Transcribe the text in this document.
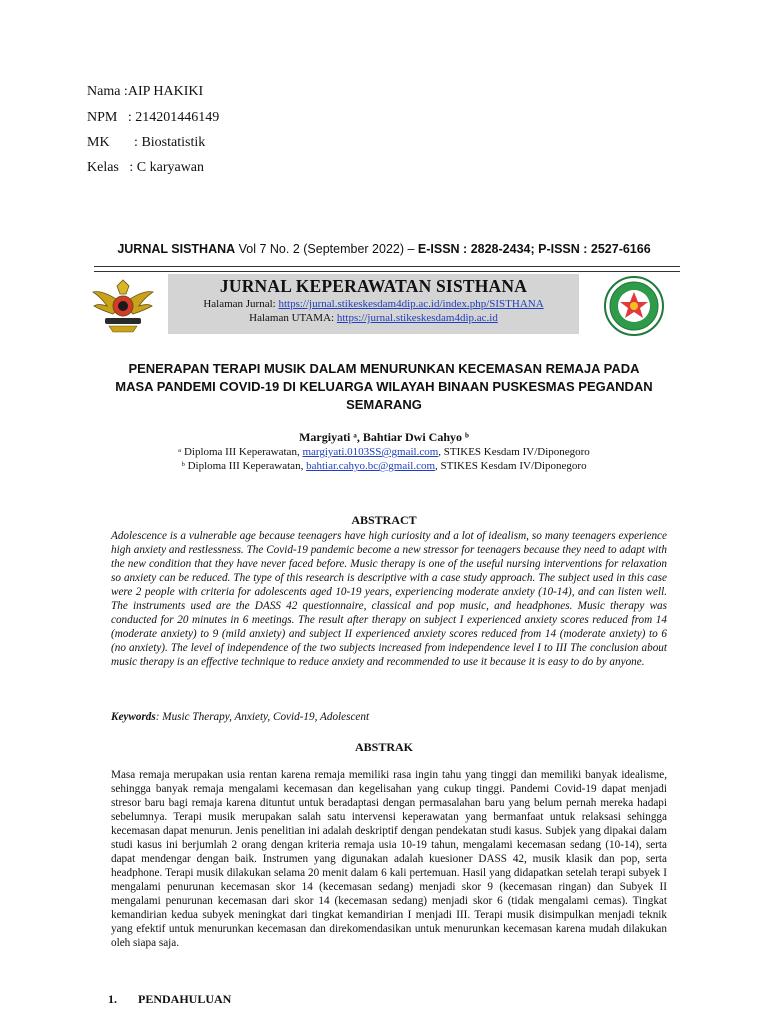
Nama :AIP HAKIKI
NPM   : 214201446149
MK       : Biostatistik
Kelas   : C karyawan
JURNAL SISTHANA Vol 7 No. 2 (September 2022) – E-ISSN : 2828-2434; P-ISSN : 2527-6166
JURNAL KEPERAWATAN SISTHANA
Halaman Jurnal: https://jurnal.stikeskesdam4dip.ac.id/index.php/SISTHANA
Halaman UTAMA: https://jurnal.stikeskesdam4dip.ac.id
PENERAPAN TERAPI MUSIK DALAM MENURUNKAN KECEMASAN REMAJA PADA
MASA PANDEMI COVID-19 DI KELUARGA WILAYAH BINAAN PUSKESMAS PEGANDAN
SEMARANG
Margiyati ᵃ, Bahtiar Dwi Cahyo ᵇ
ᵃ Diploma III Keperawatan, margiyati.0103SS@gmail.com, STIKES Kesdam IV/Diponegoro
ᵇ Diploma III Keperawatan, bahtiar.cahyo.bc@gmail.com, STIKES Kesdam IV/Diponegoro
ABSTRACT
Adolescence is a vulnerable age because teenagers have high curiosity and a lot of idealism, so many teenagers experience high anxiety and restlessness. The Covid-19 pandemic become a new stressor for teenagers because they need to adapt with the new condition that they have never faced before. Music therapy is one of the useful nursing interventions for relaxation so anxiety can be reduced. The type of this research is descriptive with a case study approach. The subject used in this case were 2 people with criteria for adolescents aged 10-19 years, experiencing moderate anxiety (10-14), and can listen well. The instruments used are the DASS 42 questionnaire, classical and pop music, and headphones. Music therapy was conducted for 20 minutes in 6 meetings. The result after therapy on subject I experienced anxiety scores reduced from 14 (moderate anxiety) to 9 (mild anxiety) and subject II experienced anxiety scores reduced from 14 (moderate anxiety) to 6 (no anxiety). The level of independence of the two subjects increased from independence level I to III The conclusion about music therapy is an effective technique to reduce anxiety and recommended to use it because it is easy to do by anyone.
Keywords: Music Therapy, Anxiety, Covid-19, Adolescent
ABSTRAK
Masa remaja merupakan usia rentan karena remaja memiliki rasa ingin tahu yang tinggi dan memiliki banyak idealisme, sehingga banyak remaja mengalami kecemasan dan kegelisahan yang cukup tinggi. Pandemi Covid-19 dapat menjadi stresor baru bagi remaja karena dituntut untuk beradaptasi dengan permasalahan baru yang belum pernah mereka hadapi sebelumnya. Terapi musik merupakan salah satu intervensi keperawatan yang bermanfaat untuk relaksasi sehingga kecemasan dapat menurun. Jenis penelitian ini adalah deskriptif dengan pendekatan studi kasus. Subjek yang dipakai dalam studi kasus ini berjumlah 2 orang dengan kriteria remaja usia 10-19 tahun, mengalami kecemasan sedang (10-14), serta dapat mendengar dengan baik. Instrumen yang digunakan adalah kuesioner DASS 42, musik klasik dan pop, serta headphone. Terapi musik dilakukan selama 20 menit dalam 6 kali pertemuan. Hasil yang didapatkan setelah terapi subyek I mengalami penurunan kecemasan skor 14 (kecemasan sedang) menjadi skor 9 (kecemasan ringan) dan Subyek II mengalami penurunan kecemasan dari skor 14 (kecemasan sedang) menjadi skor 6 (tidak mengalami cemas). Tingkat kemandirian kedua subyek meningkat dari tingkat kemandirian I menjadi III. Terapi musik disimpulkan menjadi teknik yang efektif untuk menurunkan kecemasan dan direkomendasikan untuk menurunkan kecemasan karena mudah dilakukan oleh siapa saja.
1. PENDAHULUAN
